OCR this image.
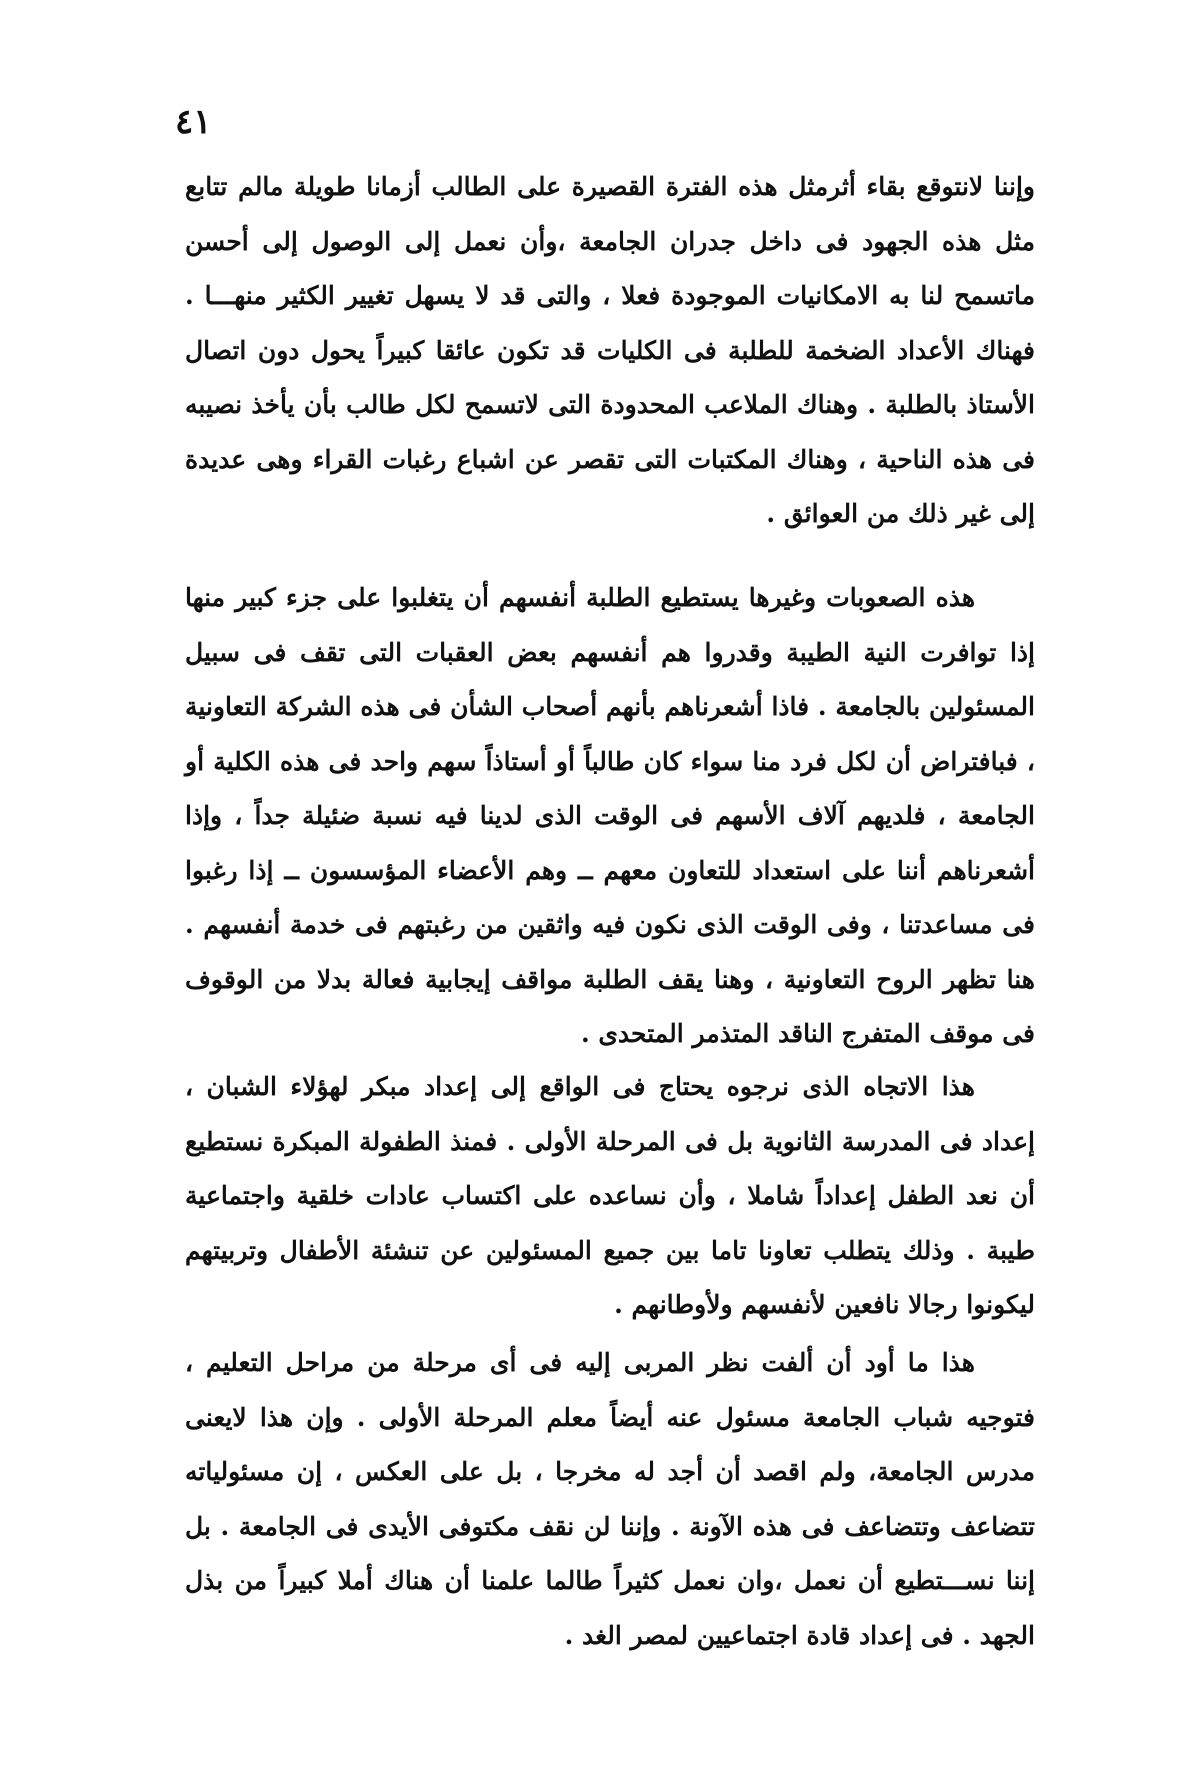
٤١

وإننا لانتوقع بقاء أثرمثل هذه الفترة القصيرة على الطالب أزمانا طويلة مالم تتابع مثل هذه الجهود فى داخل جدران الجامعة ،وأن نعمل إلى الوصول إلى أحسن ماتسمح لنا به الامكانيات الموجودة فعلا ، والتى قد لا يسهل تغيير الكثير منهـــا . فهناك الأعداد الضخمة للطلبة فى الكليات قد تكون عائقا كبيراً يحول دون اتصال الأستاذ بالطلبة . وهناك الملاعب المحدودة التى لاتسمح لكل طالب بأن يأخذ نصيبه فى هذه الناحية ، وهناك المكتبات التى تقصر عن اشباع رغبات القراء وهى عديدة إلى غير ذلك من العوائق .

هذه الصعوبات وغيرها يستطيع الطلبة أنفسهم أن يتغلبوا على جزء كبير منها إذا توافرت النية الطيبة وقدروا هم أنفسهم بعض العقبات التى تقف فى سبيل المسئولين بالجامعة . فاذا أشعرناهم بأنهم أصحاب الشأن فى هذه الشركة التعاونية ، فبافتراض أن لكل فرد منا سواء كان طالباً أو أستاذاً سهم واحد فى هذه الكلية أو الجامعة ، فلديهم آلاف الأسهم فى الوقت الذى لدينا فيه نسبة ضئيلة جداً ، وإذا أشعرناهم أننا على استعداد للتعاون معهم ــ وهم الأعضاء المؤسسون ــ إذا رغبوا فى مساعدتنا ، وفى الوقت الذى نكون فيه واثقين من رغبتهم فى خدمة أنفسهم . هنا تظهر الروح التعاونية ، وهنا يقف الطلبة مواقف إيجابية فعالة بدلا من الوقوف فى موقف المتفرج الناقد المتذمر المتحدى .

هذا الاتجاه الذى نرجوه يحتاج فى الواقع إلى إعداد مبكر لهؤلاء الشبان ، إعداد فى المدرسة الثانوية بل فى المرحلة الأولى . فمنذ الطفولة المبكرة نستطيع أن نعد الطفل إعداداً شاملا ، وأن نساعده على اكتساب عادات خلقية واجتماعية طيبة . وذلك يتطلب تعاونا تاما بين جميع المسئولين عن تنشئة الأطفال وتربيتهم ليكونوا رجالا نافعين لأنفسهم ولأوطانهم .

هذا ما أود أن ألفت نظر المربى إليه فى أى مرحلة من مراحل التعليم ، فتوجيه شباب الجامعة مسئول عنه أيضاً معلم المرحلة الأولى . وإن هذا لايعنى مدرس الجامعة، ولم اقصد أن أجد له مخرجا ، بل على العكس ، إن مسئولياته تتضاعف وتتضاعف فى هذه الآونة . وإننا لن نقف مكتوفى الأيدى فى الجامعة . بل إننا نســـتطيع أن نعمل ،وان نعمل كثيراً طالما علمنا أن هناك أملا كبيراً من بذل الجهد . فى إعداد قادة اجتماعيين لمصر الغد .
